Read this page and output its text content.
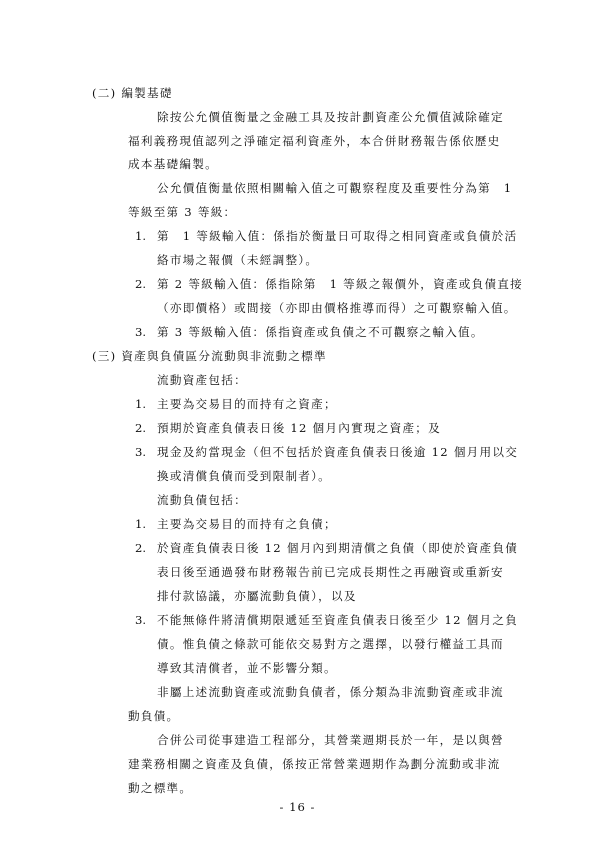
(二) 編製基礎
除按公允價值衡量之金融工具及按計劃資產公允價值減除確定
福利義務現值認列之淨確定福利資產外，本合併財務報告係依歷史
成本基礎編製。
公允價值衡量依照相關輸入值之可觀察程度及重要性分為第　1
等級至第 3 等級：
1. 第　1 等級輸入值：係指於衡量日可取得之相同資產或負債於活
絡市場之報價（未經調整）。
2. 第 2 等級輸入值：係指除第　1 等級之報價外，資產或負債直接
（亦即價格）或間接（亦即由價格推導而得）之可觀察輸入值。
3. 第 3 等級輸入值：係指資產或負債之不可觀察之輸入值。
(三) 資產與負債區分流動與非流動之標準
流動資產包括：
1. 主要為交易目的而持有之資產；
2. 預期於資產負債表日後 12 個月內實現之資產；及
3. 現金及約當現金（但不包括於資產負債表日後逾 12 個月用以交
換或清償負債而受到限制者）。
流動負債包括：
1. 主要為交易目的而持有之負債；
2. 於資產負債表日後 12 個月內到期清償之負債（即使於資產負債
表日後至通過發布財務報告前已完成長期性之再融資或重新安
排付款協議，亦屬流動負債），以及
3. 不能無條件將清償期限遞延至資產負債表日後至少 12 個月之負
債。惟負債之條款可能依交易對方之選擇，以發行權益工具而
導致其清償者，並不影響分類。
非屬上述流動資產或流動負債者，係分類為非流動資產或非流
動負債。
合併公司從事建造工程部分，其營業週期長於一年，是以與營
建業務相關之資產及負債，係按正常營業週期作為劃分流動或非流
動之標準。
- 16 -
